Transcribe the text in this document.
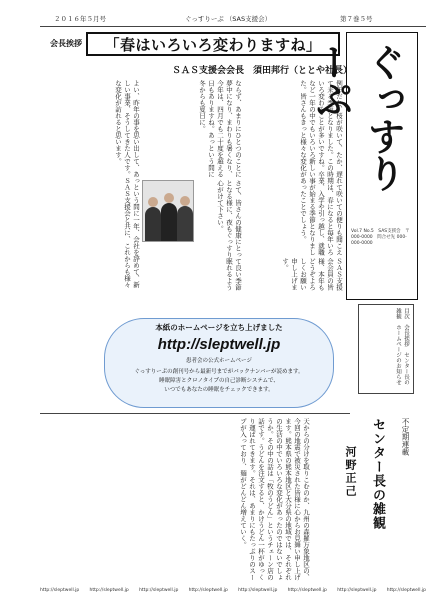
２０１６年５月号	ぐっすりーぷ （SAS支援会）	第７巻５号
会長挨拶 「春はいろいろ変わりますね」
ＳＡＳ支援会会長　須田邦行（ととや社長）
例年だと、桜が咲いて、たか、遅れて咲いての便りも聞こえて来る季節となりました。この時期は、春になると毎年いろいろ変わることが多いですね。卒業、入学や引っ越し、就職など一年の中でもいろいろ新しい事が始まる季節となりました。皆さんもきっと様々な変化があったことでしょう。
ならず、あまりにひとつのことに夢中になり、まわりも暑くなり、今年は、四月でも二十度を超える日もありますね。あっという間に冬からも夏日に。
よい、昨年の事を思い出して、あっという間に一年、会社を辞めて、新しい事業、そうしてきた人です。ＳＡＳ支援会と共に、これからも様々な変化が訪れると思います。
さて、皆さんの健康にとって良い季節となる様に、夜もぐっすり眠れるよう心がけて下さい。
ＳＡＳ支援会会員の皆様、本年もどうぞよろしくお願い申し上げます。
ぐっすりーぷ
Vol.7 No.5　SAS支援会　〒000-0000　問合せ先 000-000-0000
目次　会長挨拶　センター長の雑観　ホームページのお知らせ
本紙のホームページを立ち上げました
http://sleptwell.jp
患者会の公式ホームページ
ぐっすりーぷの創刊号から最新号までがバックナンバーが読めます。
睡眠障害とクロノタイプの自己診断システムで、
いつでもあなたの睡眠をチェックできます。
天からの分けを取りこむのか、九州の森羅万象地区の、今回の地震で被災された皆様に心からお見舞い申し上げます。熊本県の熊本地区と大分県の地域では、それぞれの生活の中でいろいろな変化があったのではないでしょうか。その中の話は「牧のうどん」というチェーン店の話です。うどんを注文すると、かけうどん一杯がゆっくり運ばれてきます。それは、あまりにもたっぷりのスープが入っており、麺がどんどん増えていく。	不定期連載
センター長の雑観
河野正己
http://sleptwell.jp http://sleptwell.jp http://sleptwell.jp http://sleptwell.jp http://sleptwell.jp http://sleptwell.jp http://sleptwell.jp http://sleptwell.jp
